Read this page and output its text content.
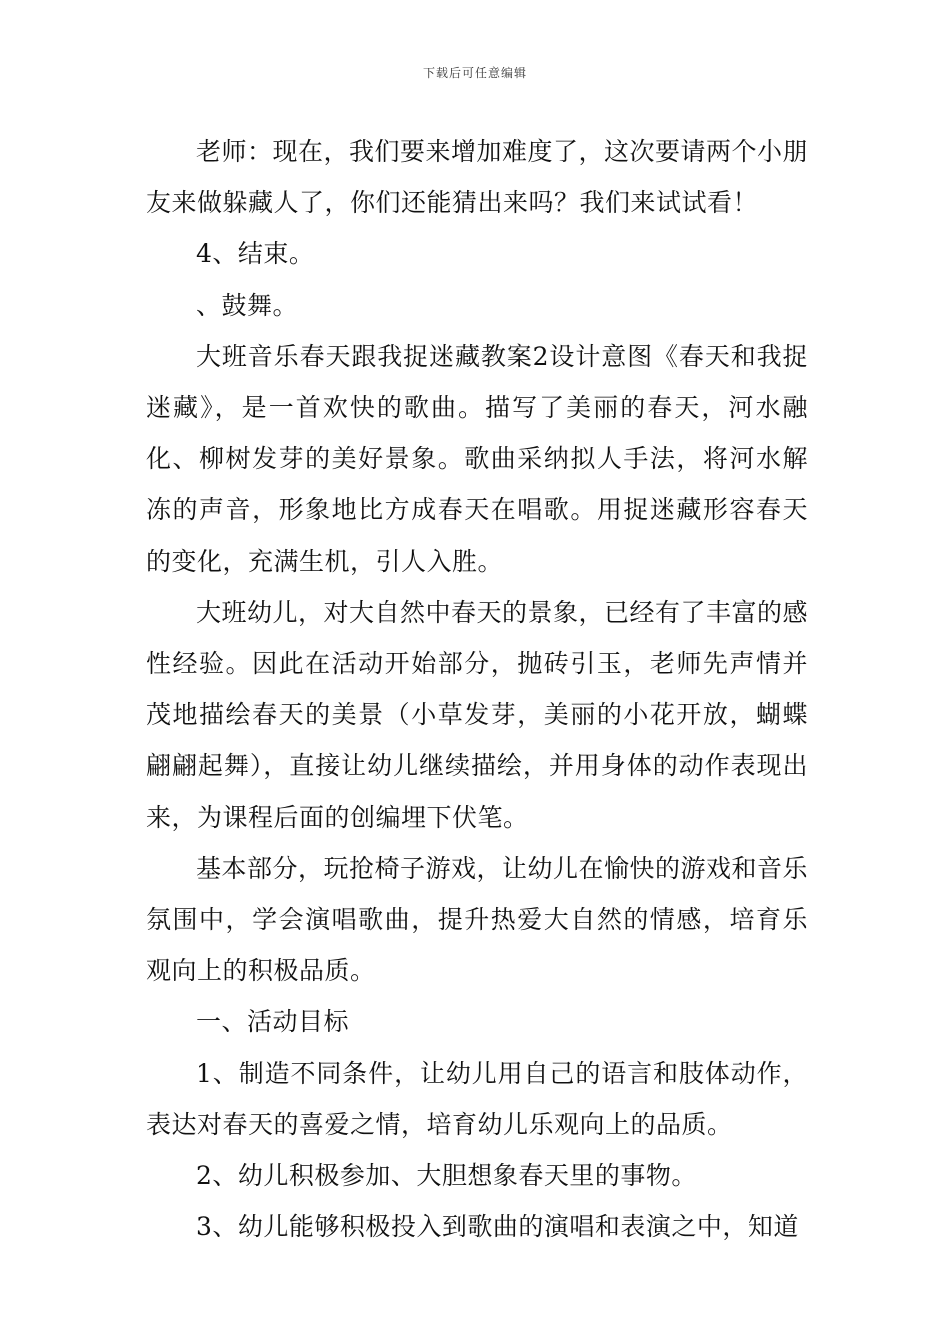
下载后可任意编辑

老师：现在，我们要来增加难度了，这次要请两个小朋友来做躲藏人了，你们还能猜出来吗？我们来试试看！

4、结束。

、鼓舞。

大班音乐春天跟我捉迷藏教案2设计意图《春天和我捉迷藏》，是一首欢快的歌曲。描写了美丽的春天，河水融化、柳树发芽的美好景象。歌曲采纳拟人手法，将河水解冻的声音，形象地比方成春天在唱歌。用捉迷藏形容春天的变化，充满生机，引人入胜。

大班幼儿，对大自然中春天的景象，已经有了丰富的感性经验。因此在活动开始部分，抛砖引玉，老师先声情并茂地描绘春天的美景（小草发芽，美丽的小花开放，蝴蝶翩翩起舞），直接让幼儿继续描绘，并用身体的动作表现出来，为课程后面的创编埋下伏笔。

基本部分，玩抢椅子游戏，让幼儿在愉快的游戏和音乐氛围中，学会演唱歌曲，提升热爱大自然的情感，培育乐观向上的积极品质。

一、活动目标

1、制造不同条件，让幼儿用自己的语言和肢体动作，表达对春天的喜爱之情，培育幼儿乐观向上的品质。

2、幼儿积极参加、大胆想象春天里的事物。

3、幼儿能够积极投入到歌曲的演唱和表演之中，知道
